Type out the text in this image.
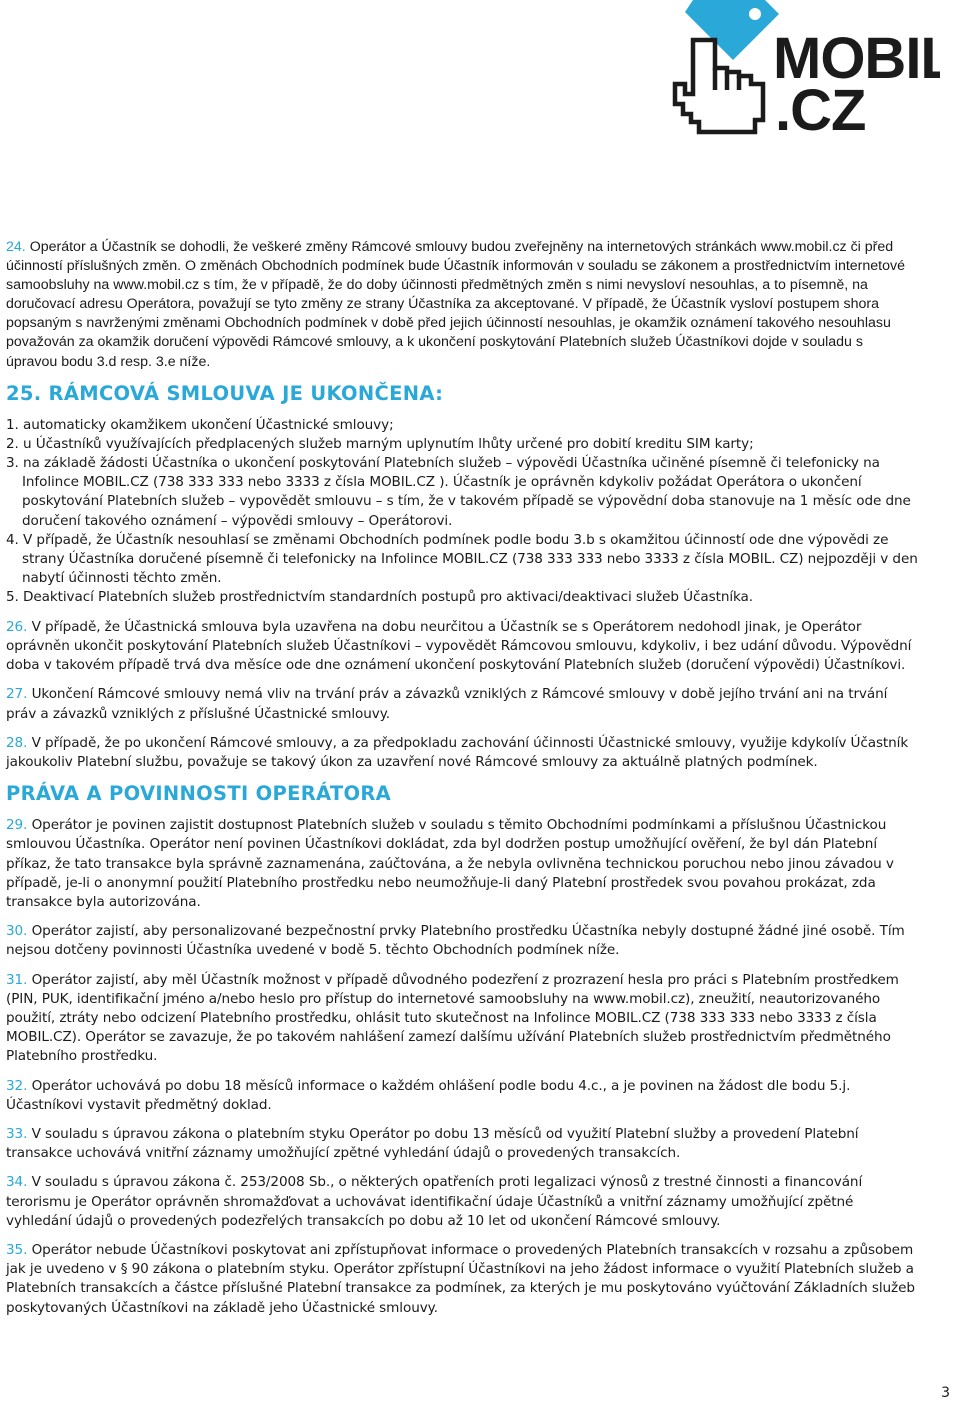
MOBIL
.CZ

24. Operátor a Účastník se dohodli, že veškeré změny Rámcové smlouvy budou zveřejněny na internetových stránkách www.mobil.cz či před účinností příslušných změn. O změnách Obchodních podmínek bude Účastník informován v souladu se zákonem a prostřednictvím internetové samoobsluhy na www.mobil.cz s tím, že v případě, že do doby účinnosti předmětných změn s nimi nevysloví nesouhlas, a to písemně, na doručovací adresu Operátora, považují se tyto změny ze strany Účastníka za akceptované. V případě, že Účastník vysloví postupem shora popsaným s navrženými změnami Obchodních podmínek v době před jejich účinností nesouhlas, je okamžik oznámení takového nesouhlasu považován za okamžik doručení výpovědi Rámcové smlouvy, a k ukončení poskytování Platebních služeb Účastníkovi dojde v souladu s úpravou bodu 3.d resp. 3.e níže.

25. RÁMCOVÁ SMLOUVA JE UKONČENA:
1. automaticky okamžikem ukončení Účastnické smlouvy;
2. u Účastníků využívajících předplacených služeb marným uplynutím lhůty určené pro dobití kreditu SIM karty;
3. na základě žádosti Účastníka o ukončení poskytování Platebních služeb – výpovědi Účastníka učiněné písemně či telefonicky na Infolince MOBIL.CZ (738 333 333 nebo 3333 z čísla MOBIL.CZ ). Účastník je oprávněn kdykoliv požádat Operátora o ukončení poskytování Platebních služeb – vypovědět smlouvu – s tím, že v takovém případě se výpovědní doba stanovuje na 1 měsíc ode dne doručení takového oznámení – výpovědi smlouvy – Operátorovi.
4. V případě, že Účastník nesouhlasí se změnami Obchodních podmínek podle bodu 3.b s okamžitou účinností ode dne výpovědi ze strany Účastníka doručené písemně či telefonicky na Infolince MOBIL.CZ (738 333 333 nebo 3333 z čísla MOBIL. CZ) nejpozději v den nabytí účinnosti těchto změn.
5. Deaktivací Platebních služeb prostřednictvím standardních postupů pro aktivaci/deaktivaci služeb Účastníka.

26. V případě, že Účastnická smlouva byla uzavřena na dobu neurčitou a Účastník se s Operátorem nedohodl jinak, je Operátor oprávněn ukončit poskytování Platebních služeb Účastníkovi – vypovědět Rámcovou smlouvu, kdykoliv, i bez udání důvodu. Výpovědní doba v takovém případě trvá dva měsíce ode dne oznámení ukončení poskytování Platebních služeb (doručení výpovědi) Účastníkovi.

27. Ukončení Rámcové smlouvy nemá vliv na trvání práv a závazků vzniklých z Rámcové smlouvy v době jejího trvání ani na trvání práv a závazků vzniklých z příslušné Účastnické smlouvy.

28. V případě, že po ukončení Rámcové smlouvy, a za předpokladu zachování účinnosti Účastnické smlouvy, využije kdykolív Účastník jakoukoliv Platební službu, považuje se takový úkon za uzavření nové Rámcové smlouvy za aktuálně platných podmínek.

PRÁVA A POVINNOSTI OPERÁTORA

29. Operátor je povinen zajistit dostupnost Platebních služeb v souladu s těmito Obchodními podmínkami a příslušnou Účastnickou smlouvou Účastníka. Operátor není povinen Účastníkovi dokládat, zda byl dodržen postup umožňující ověření, že byl dán Platební příkaz, že tato transakce byla správně zaznamenána, zaúčtována, a že nebyla ovlivněna technickou poruchou nebo jinou závadou v případě, je-li o anonymní použití Platebního prostředku nebo neumožňuje-li daný Platební prostředek svou povahou prokázat, zda transakce byla autorizována.

30. Operátor zajistí, aby personalizované bezpečnostní prvky Platebního prostředku Účastníka nebyly dostupné žádné jiné osobě. Tím nejsou dotčeny povinnosti Účastníka uvedené v bodě 5. těchto Obchodních podmínek níže.

31. Operátor zajistí, aby měl Účastník možnost v případě důvodného podezření z prozrazení hesla pro práci s Platebním prostředkem (PIN, PUK, identifikační jméno a/nebo heslo pro přístup do internetové samoobsluhy na www.mobil.cz), zneužití, neautorizovaného použití, ztráty nebo odcizení Platebního prostředku, ohlásit tuto skutečnost na Infolince MOBIL.CZ (738 333 333 nebo 3333 z čísla MOBIL.CZ). Operátor se zavazuje, že po takovém nahlášení zamezí dalšímu užívání Platebních služeb prostřednictvím předmětného Platebního prostředku.

32. Operátor uchovává po dobu 18 měsíců informace o každém ohlášení podle bodu 4.c., a je povinen na žádost dle bodu 5.j. Účastníkovi vystavit předmětný doklad.

33. V souladu s úpravou zákona o platebním styku Operátor po dobu 13 měsíců od využití Platební služby a provedení Platební transakce uchovává vnitřní záznamy umožňující zpětné vyhledání údajů o provedených transakcích.

34. V souladu s úpravou zákona č. 253/2008 Sb., o některých opatřeních proti legalizaci výnosů z trestné činnosti a financování terorismu je Operátor oprávněn shromažďovat a uchovávat identifikační údaje Účastníků a vnitřní záznamy umožňující zpětné vyhledání údajů o provedených podezřelých transakcích po dobu až 10 let od ukončení Rámcové smlouvy.

35. Operátor nebude Účastníkovi poskytovat ani zpřístupňovat informace o provedených Platebních transakcích v rozsahu a způsobem jak je uvedeno v § 90 zákona o platebním styku. Operátor zpřístupní Účastníkovi na jeho žádost informace o využití Platebních služeb a Platebních transakcích a částce příslušné Platební transakce za podmínek, za kterých je mu poskytováno vyúčtování Základních služeb poskytovaných Účastníkovi na základě jeho Účastnické smlouvy.

3
